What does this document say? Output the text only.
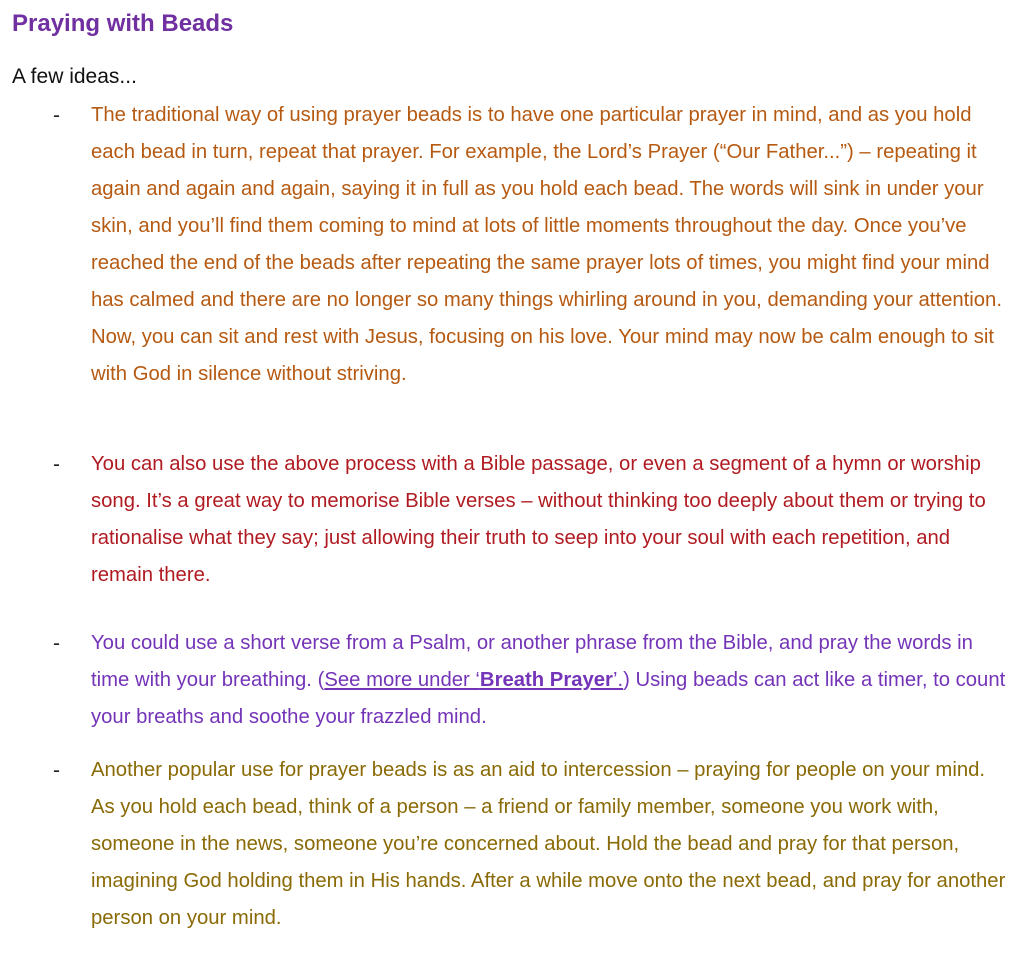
Praying with Beads

A few ideas...

- The traditional way of using prayer beads is to have one particular prayer in mind, and as you hold each bead in turn, repeat that prayer. For example, the Lord’s Prayer (“Our Father...”) – repeating it again and again and again, saying it in full as you hold each bead. The words will sink in under your skin, and you’ll find them coming to mind at lots of little moments throughout the day. Once you’ve reached the end of the beads after repeating the same prayer lots of times, you might find your mind has calmed and there are no longer so many things whirling around in you, demanding your attention. Now, you can sit and rest with Jesus, focusing on his love. Your mind may now be calm enough to sit with God in silence without striving.

- You can also use the above process with a Bible passage, or even a segment of a hymn or worship song. It’s a great way to memorise Bible verses – without thinking too deeply about them or trying to rationalise what they say; just allowing their truth to seep into your soul with each repetition, and remain there.

- You could use a short verse from a Psalm, or another phrase from the Bible, and pray the words in time with your breathing. (See more under ‘Breath Prayer’.) Using beads can act like a timer, to count your breaths and soothe your frazzled mind.

- Another popular use for prayer beads is as an aid to intercession – praying for people on your mind. As you hold each bead, think of a person – a friend or family member, someone you work with, someone in the news, someone you’re concerned about. Hold the bead and pray for that person, imagining God holding them in His hands. After a while move onto the next bead, and pray for another person on your mind.
